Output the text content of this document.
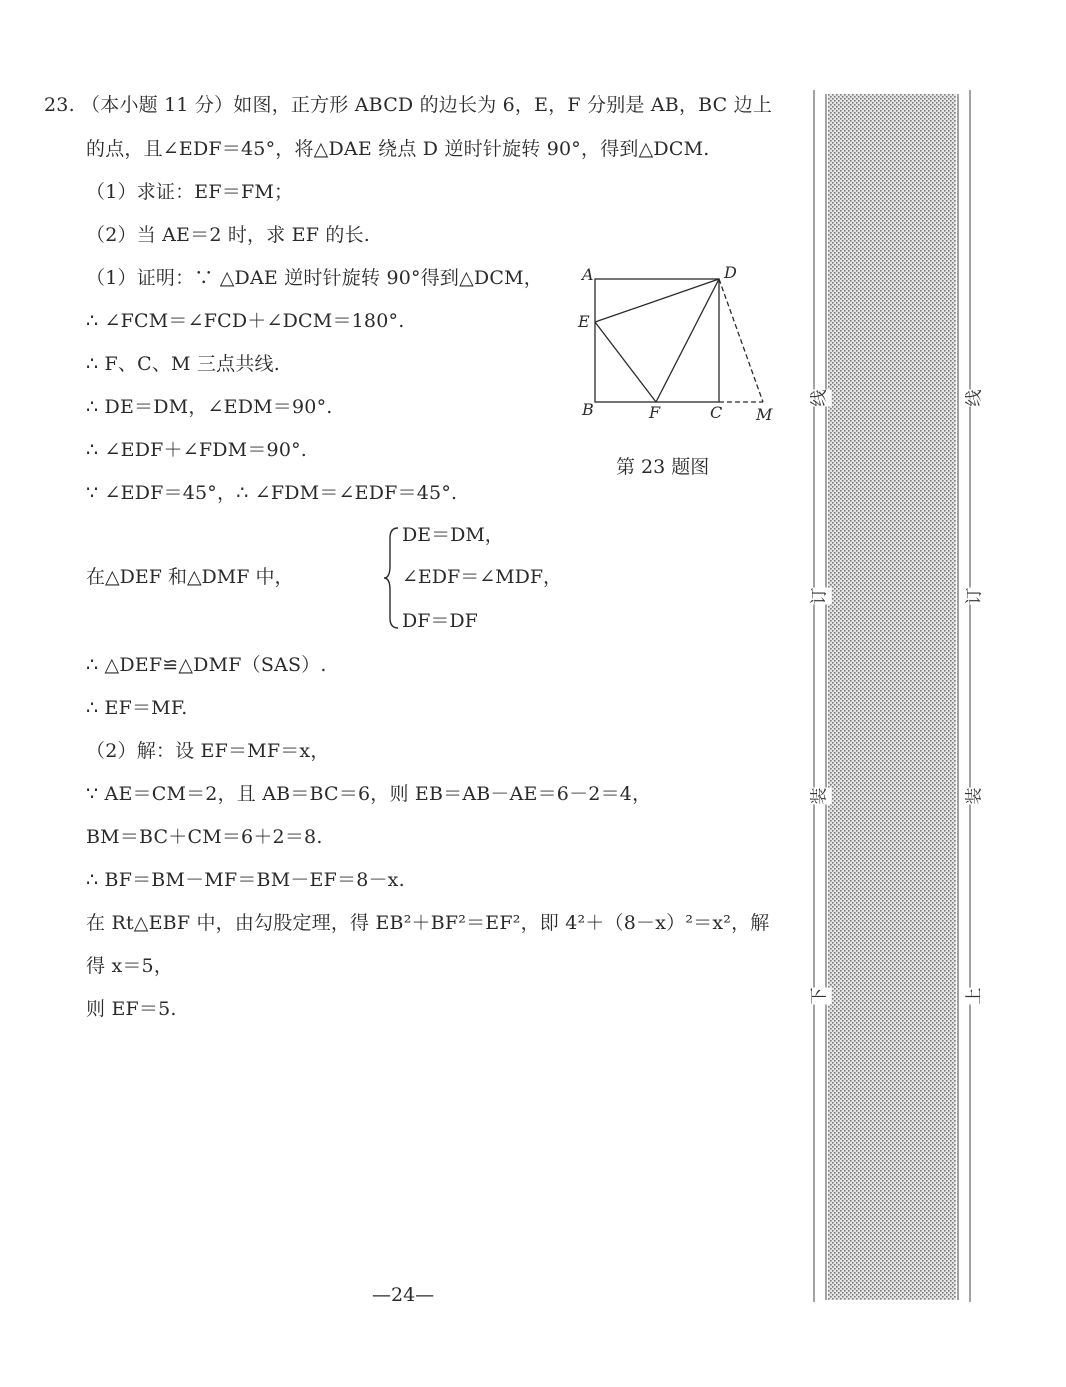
23. （本小题 11 分）如图，正方形 ABCD 的边长为 6，E，F 分别是 AB，BC 边上
的点，且∠EDF＝45°，将△DAE 绕点 D 逆时针旋转 90°，得到△DCM.
（1）求证：EF＝FM；
（2）当 AE＝2 时，求 EF 的长.
（1）证明：∵ △DAE 逆时针旋转 90°得到△DCM，
∴ ∠FCM＝∠FCD＋∠DCM＝180°.
∴ F、C、M 三点共线.
∴ DE＝DM，∠EDM＝90°.
∴ ∠EDF＋∠FDM＝90°.
∵ ∠EDF＝45°，∴ ∠FDM＝∠EDF＝45°.
在△DEF 和△DMF 中，
DE＝DM，
∠EDF＝∠MDF，
DF＝DF
∴ △DEF≌△DMF（SAS）.
∴ EF＝MF.
（2）解：设 EF＝MF＝x，
∵ AE＝CM＝2，且 AB＝BC＝6，则 EB＝AB－AE＝6－2＝4，
BM＝BC＋CM＝6＋2＝8.
∴ BF＝BM－MF＝BM－EF＝8－x.
在 Rt△EBF 中，由勾股定理，得 EB²＋BF²＝EF²，即 4²＋（8－x）²＝x²，解
得 x＝5，
则 EF＝5.
A	D
E
B	F	C M
第 23 题图
—24—
线
订
装
下
线
订
装
上
